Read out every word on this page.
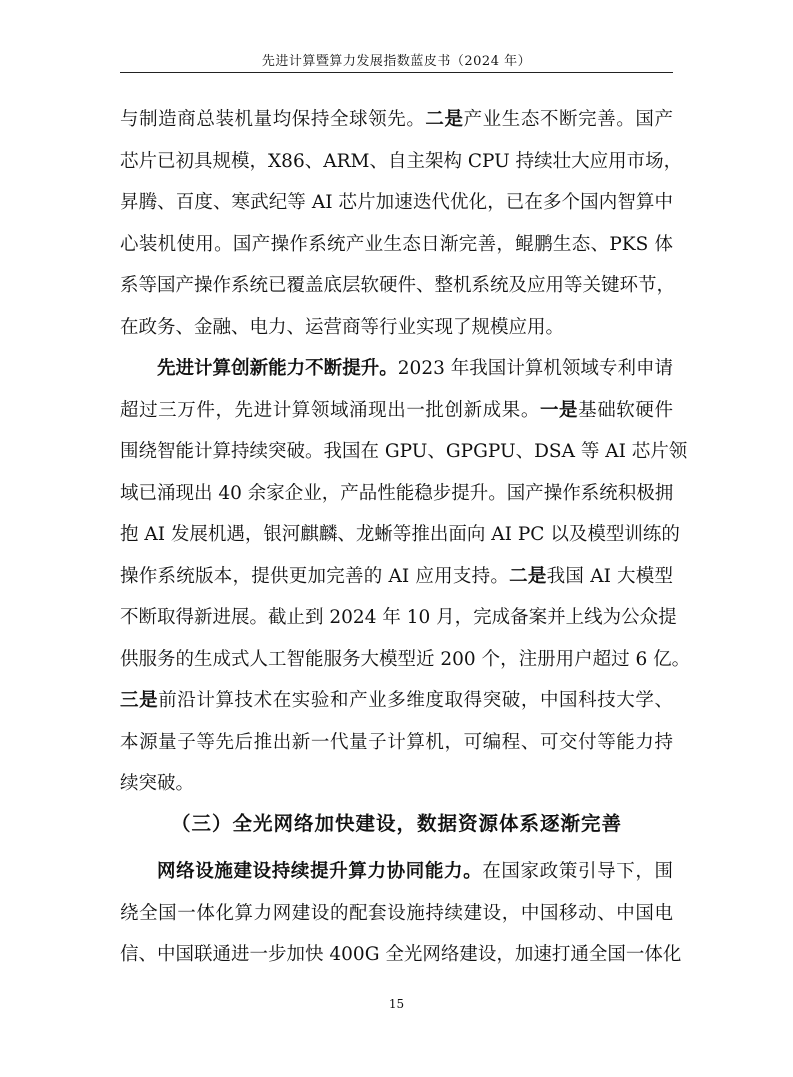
先进计算暨算力发展指数蓝皮书（2024 年）
与制造商总装机量均保持全球领先。二是产业生态不断完善。国产
芯片已初具规模，X86、ARM、自主架构 CPU 持续壮大应用市场，
昇腾、百度、寒武纪等 AI 芯片加速迭代优化，已在多个国内智算中
心装机使用。国产操作系统产业生态日渐完善，鲲鹏生态、PKS 体
系等国产操作系统已覆盖底层软硬件、整机系统及应用等关键环节，
在政务、金融、电力、运营商等行业实现了规模应用。
先进计算创新能力不断提升。2023 年我国计算机领域专利申请
超过三万件，先进计算领域涌现出一批创新成果。一是基础软硬件
围绕智能计算持续突破。我国在 GPU、GPGPU、DSA 等 AI 芯片领
域已涌现出 40 余家企业，产品性能稳步提升。国产操作系统积极拥
抱 AI 发展机遇，银河麒麟、龙蜥等推出面向 AI PC 以及模型训练的
操作系统版本，提供更加完善的 AI 应用支持。二是我国 AI 大模型
不断取得新进展。截止到 2024 年 10 月，完成备案并上线为公众提
供服务的生成式人工智能服务大模型近 200 个，注册用户超过 6 亿。
三是前沿计算技术在实验和产业多维度取得突破，中国科技大学、
本源量子等先后推出新一代量子计算机，可编程、可交付等能力持
续突破。
（三）全光网络加快建设，数据资源体系逐渐完善
网络设施建设持续提升算力协同能力。在国家政策引导下，围
绕全国一体化算力网建设的配套设施持续建设，中国移动、中国电
信、中国联通进一步加快 400G 全光网络建设，加速打通全国一体化
15
